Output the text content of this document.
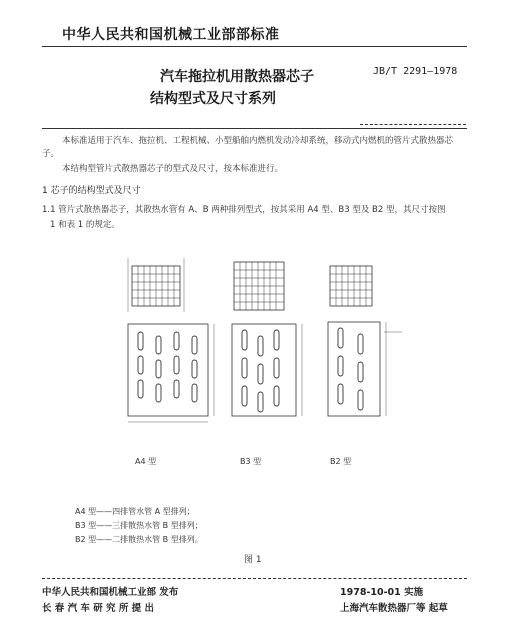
中华人民共和国机械工业部部标准
汽车拖拉机用散热器芯子
结构型式及尺寸系列
JB/T 2291—1978
本标准适用于汽车、拖拉机、工程机械、小型船舶内燃机发动冷却系统，移动式内燃机的管片式散热器芯
子。
本结构型管片式散热器芯子的型式及尺寸，按本标准进行。
1 芯子的结构型式及尺寸
1.1 管片式散热器芯子，其散热水管有 A、B 两种排列型式，按其采用 A4 型、B3 型及 B2 型，其尺寸按图
1 和表 1 的规定。
A4 型	B3 型	B2 型
A4 型——四排管水管 A 型排列；
B3 型——三排散热水管 B 型排列；
B2 型——二排散热水管 B 型排列。
图 1
中华人民共和国机械工业部 发布	1978-10-01 实施
长 春 汽 车 研 究 所 提 出	上海汽车散热器厂等 起草
